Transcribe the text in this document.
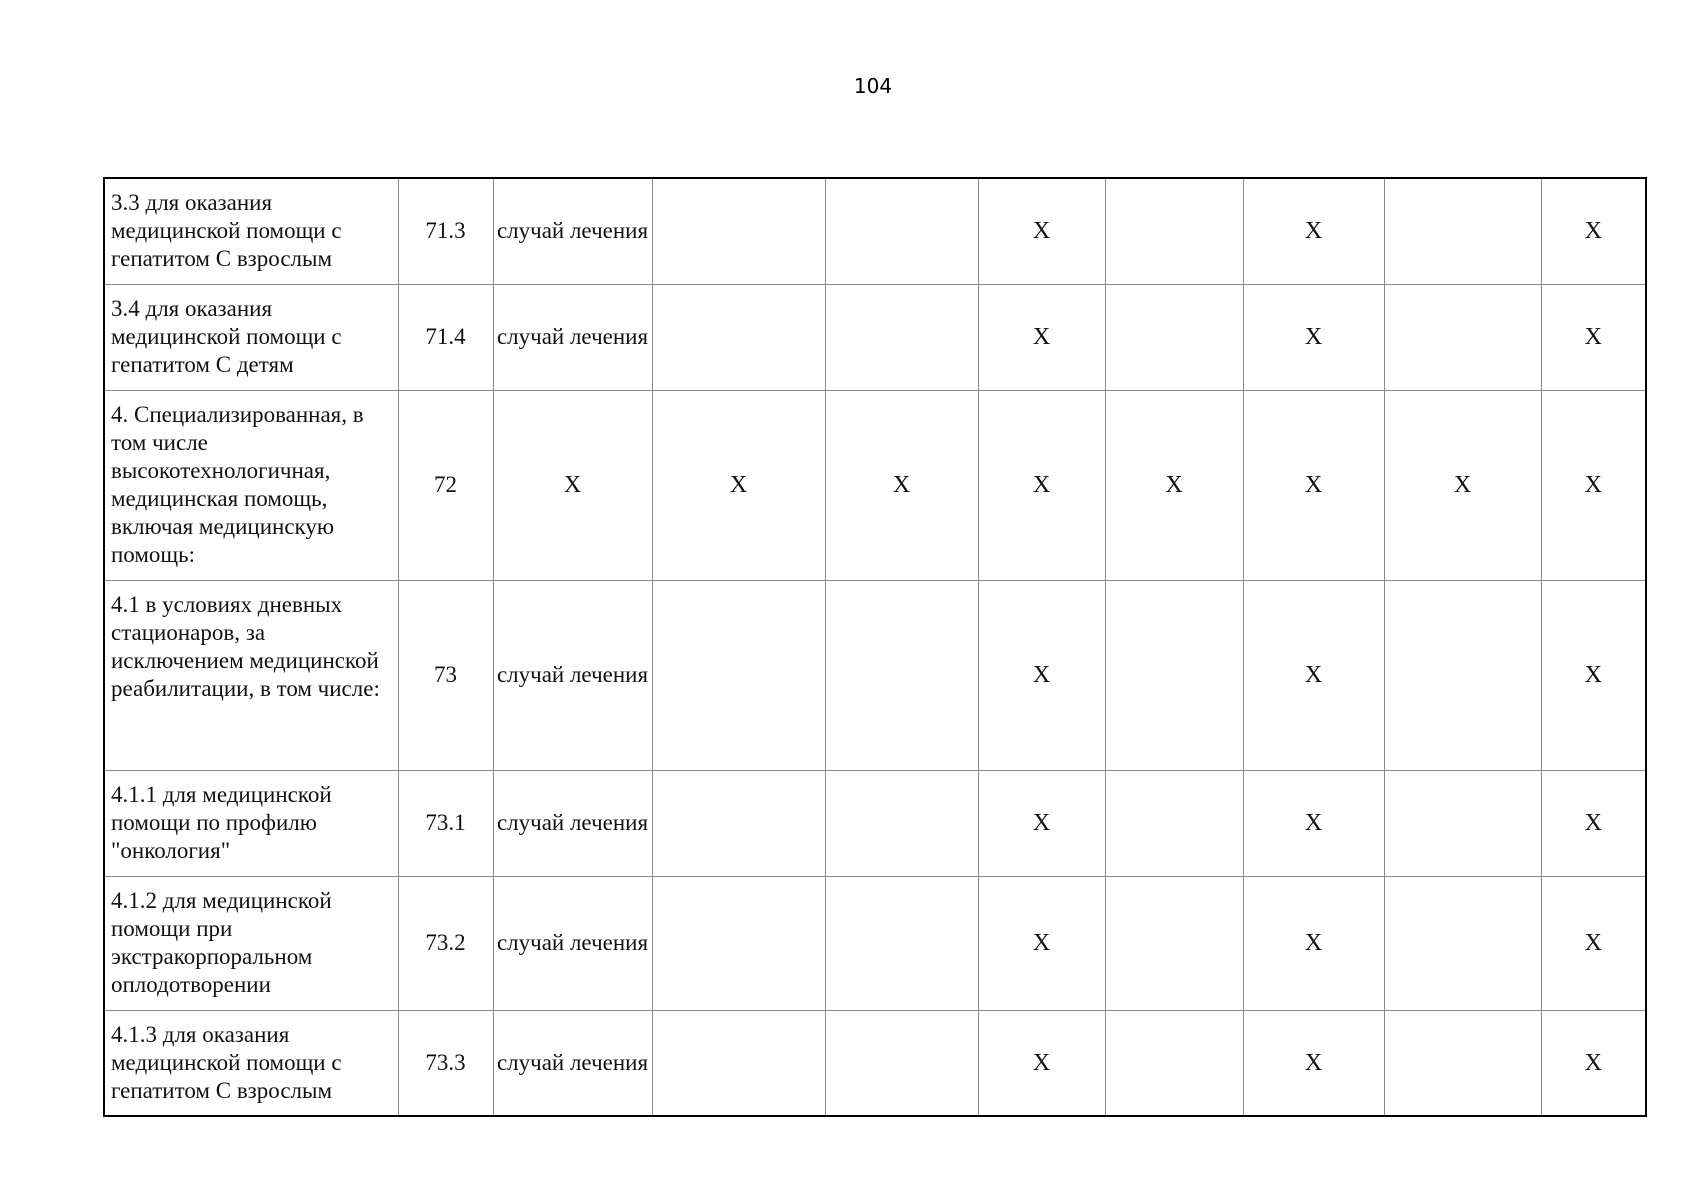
104
3.3 для оказания медицинской помощи с гепатитом С взрослым	71.3	случай лечения			X		X		X
3.4 для оказания медицинской помощи с гепатитом С детям	71.4	случай лечения			X		X		X
4. Специализированная, в том числе высокотехнологичная, медицинская помощь, включая медицинскую помощь:	72	X	X	X	X	X	X	X	X
4.1 в условиях дневных стационаров, за исключением медицинской реабилитации, в том числе:	73	случай лечения			X		X		X
4.1.1 для медицинской помощи по профилю "онкология"	73.1	случай лечения			X		X		X
4.1.2 для медицинской помощи при экстракорпоральном оплодотворении	73.2	случай лечения			X		X		X
4.1.3 для оказания медицинской помощи с гепатитом С взрослым	73.3	случай лечения			X		X		X
